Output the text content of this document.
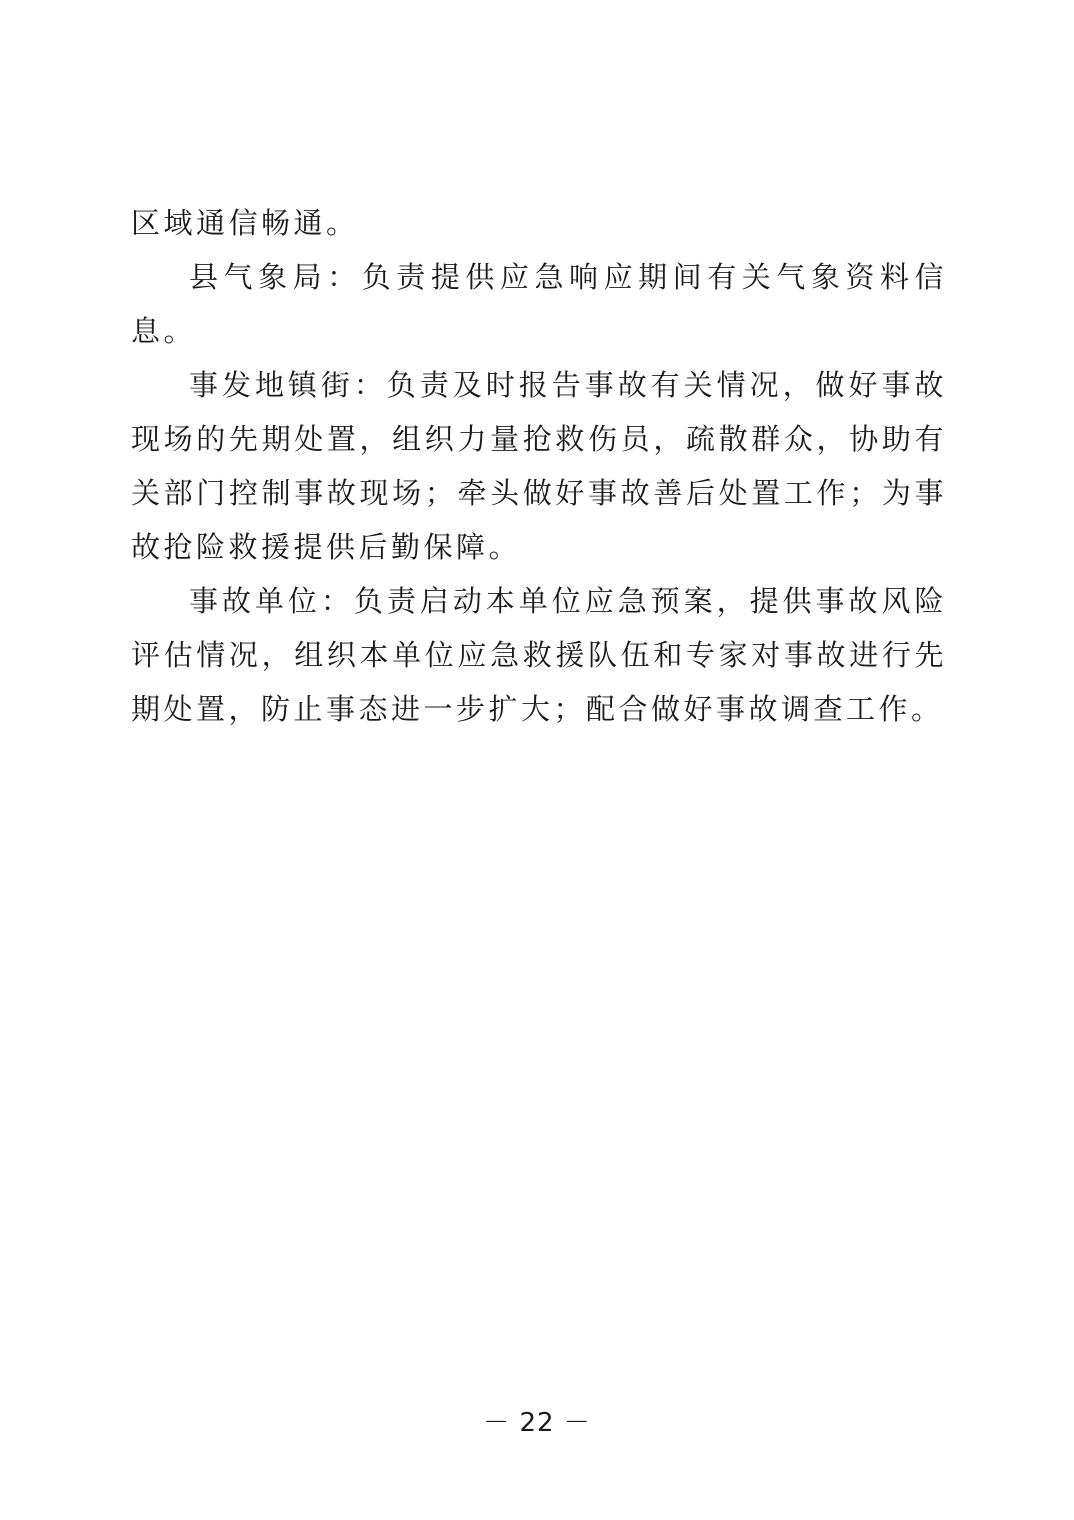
区域通信畅通。

县气象局：负责提供应急响应期间有关气象资料信息。

事发地镇街：负责及时报告事故有关情况，做好事故现场的先期处置，组织力量抢救伤员，疏散群众，协助有关部门控制事故现场；牵头做好事故善后处置工作；为事故抢险救援提供后勤保障。

事故单位：负责启动本单位应急预案，提供事故风险评估情况，组织本单位应急救援队伍和专家对事故进行先期处置，防止事态进一步扩大；配合做好事故调查工作。

－ 22 －
